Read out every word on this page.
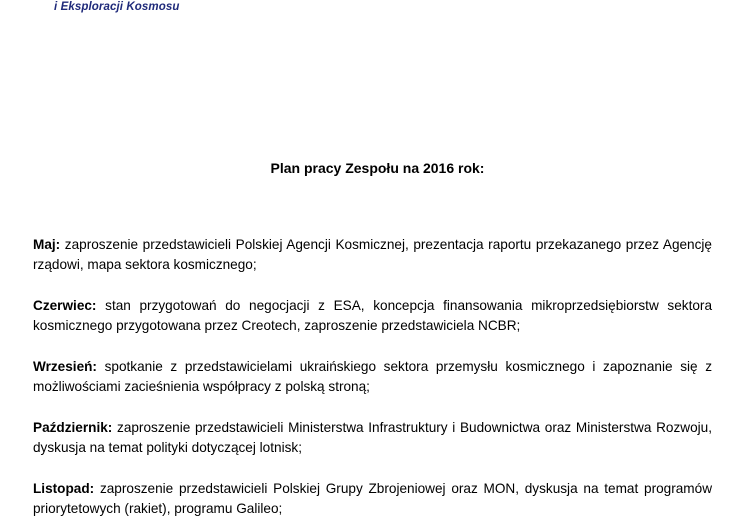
i Eksploracji Kosmosu
Plan pracy Zespołu na 2016 rok:

Maj: zaproszenie przedstawicieli Polskiej Agencji Kosmicznej, prezentacja raportu przekazanego przez Agencję rządowi, mapa sektora kosmicznego;

Czerwiec: stan przygotowań do negocjacji z ESA, koncepcja finansowania mikroprzedsiębiorstw sektora kosmicznego przygotowana przez Creotech, zaproszenie przedstawiciela NCBR;

Wrzesień: spotkanie z przedstawicielami ukraińskiego sektora przemysłu kosmicznego i zapoznanie się z możliwościami zacieśnienia współpracy z polską stroną;

Październik: zaproszenie przedstawicieli Ministerstwa Infrastruktury i Budownictwa oraz Ministerstwa Rozwoju, dyskusja na temat polityki dotyczącej lotnisk;

Listopad: zaproszenie przedstawicieli Polskiej Grupy Zbrojeniowej oraz MON, dyskusja na temat programów priorytetowych (rakiet), programu Galileo;
